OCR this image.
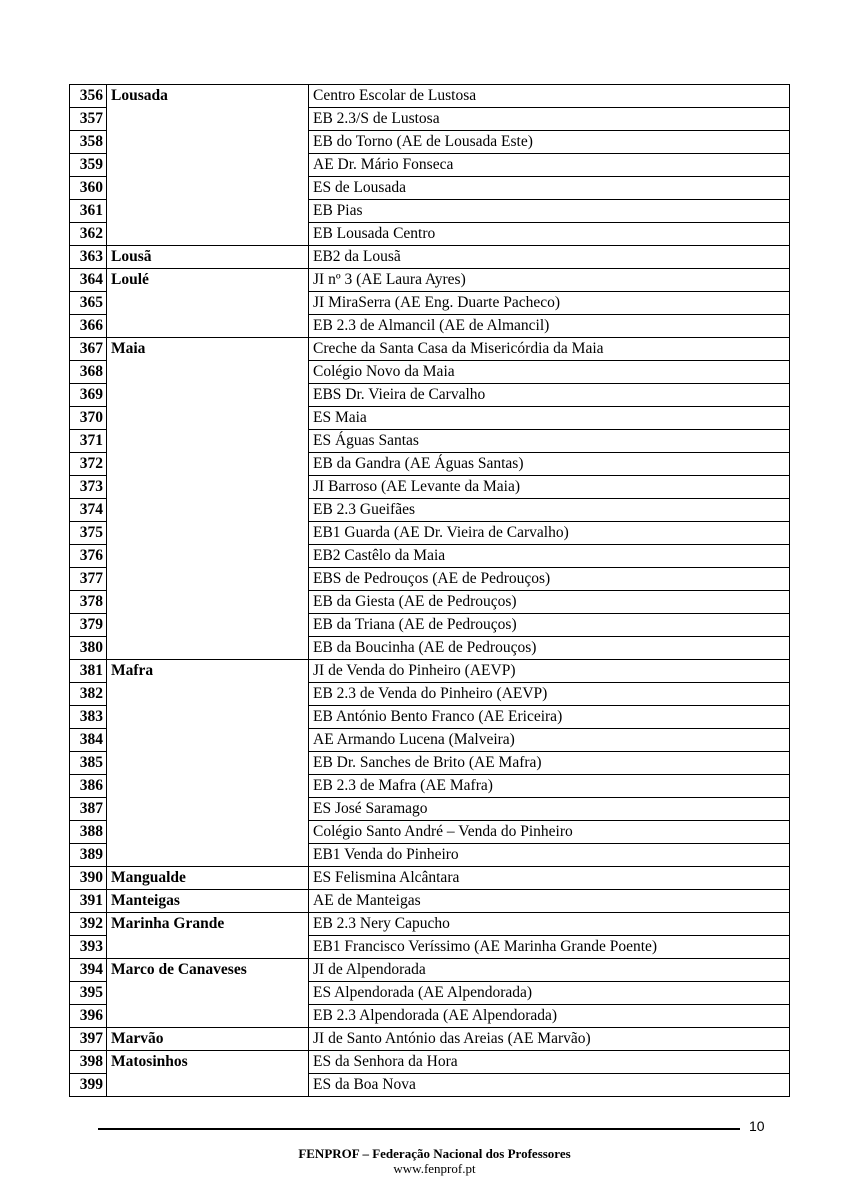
356	Lousada	Centro Escolar de Lustosa
357		EB 2.3/S de Lustosa
358		EB do Torno (AE de Lousada Este)
359		AE Dr. Mário Fonseca
360		ES de Lousada
361		EB Pias
362		EB Lousada Centro
363	Lousã	EB2 da Lousã
364	Loulé	JI nº 3 (AE Laura Ayres)
365		JI MiraSerra (AE Eng. Duarte Pacheco)
366		EB 2.3 de Almancil (AE de Almancil)
367	Maia	Creche da Santa Casa da Misericórdia da Maia
368		Colégio Novo da Maia
369		EBS Dr. Vieira de Carvalho
370		ES Maia
371		ES Águas Santas
372		EB da Gandra (AE Águas Santas)
373		JI Barroso (AE Levante da Maia)
374		EB 2.3 Gueifães
375		EB1 Guarda (AE Dr. Vieira de Carvalho)
376		EB2 Castêlo da Maia
377		EBS de Pedrouços (AE de Pedrouços)
378		EB da Giesta (AE de Pedrouços)
379		EB da Triana (AE de Pedrouços)
380		EB da Boucinha (AE de Pedrouços)
381	Mafra	JI de Venda do Pinheiro (AEVP)
382		EB 2.3 de Venda do Pinheiro (AEVP)
383		EB António Bento Franco (AE Ericeira)
384		AE Armando Lucena (Malveira)
385		EB Dr. Sanches de Brito (AE Mafra)
386		EB 2.3 de Mafra (AE Mafra)
387		ES José Saramago
388		Colégio Santo André – Venda do Pinheiro
389		EB1 Venda do Pinheiro
390	Mangualde	ES Felismina Alcântara
391	Manteigas	AE de Manteigas
392	Marinha Grande	EB 2.3 Nery Capucho
393		EB1 Francisco Veríssimo (AE Marinha Grande Poente)
394	Marco de Canaveses	JI de Alpendorada
395		ES Alpendorada (AE Alpendorada)
396		EB 2.3 Alpendorada (AE Alpendorada)
397	Marvão	JI de Santo António das Areias (AE Marvão)
398	Matosinhos	ES da Senhora da Hora
399		ES da Boa Nova
10
FENPROF – Federação Nacional dos Professores
www.fenprof.pt
